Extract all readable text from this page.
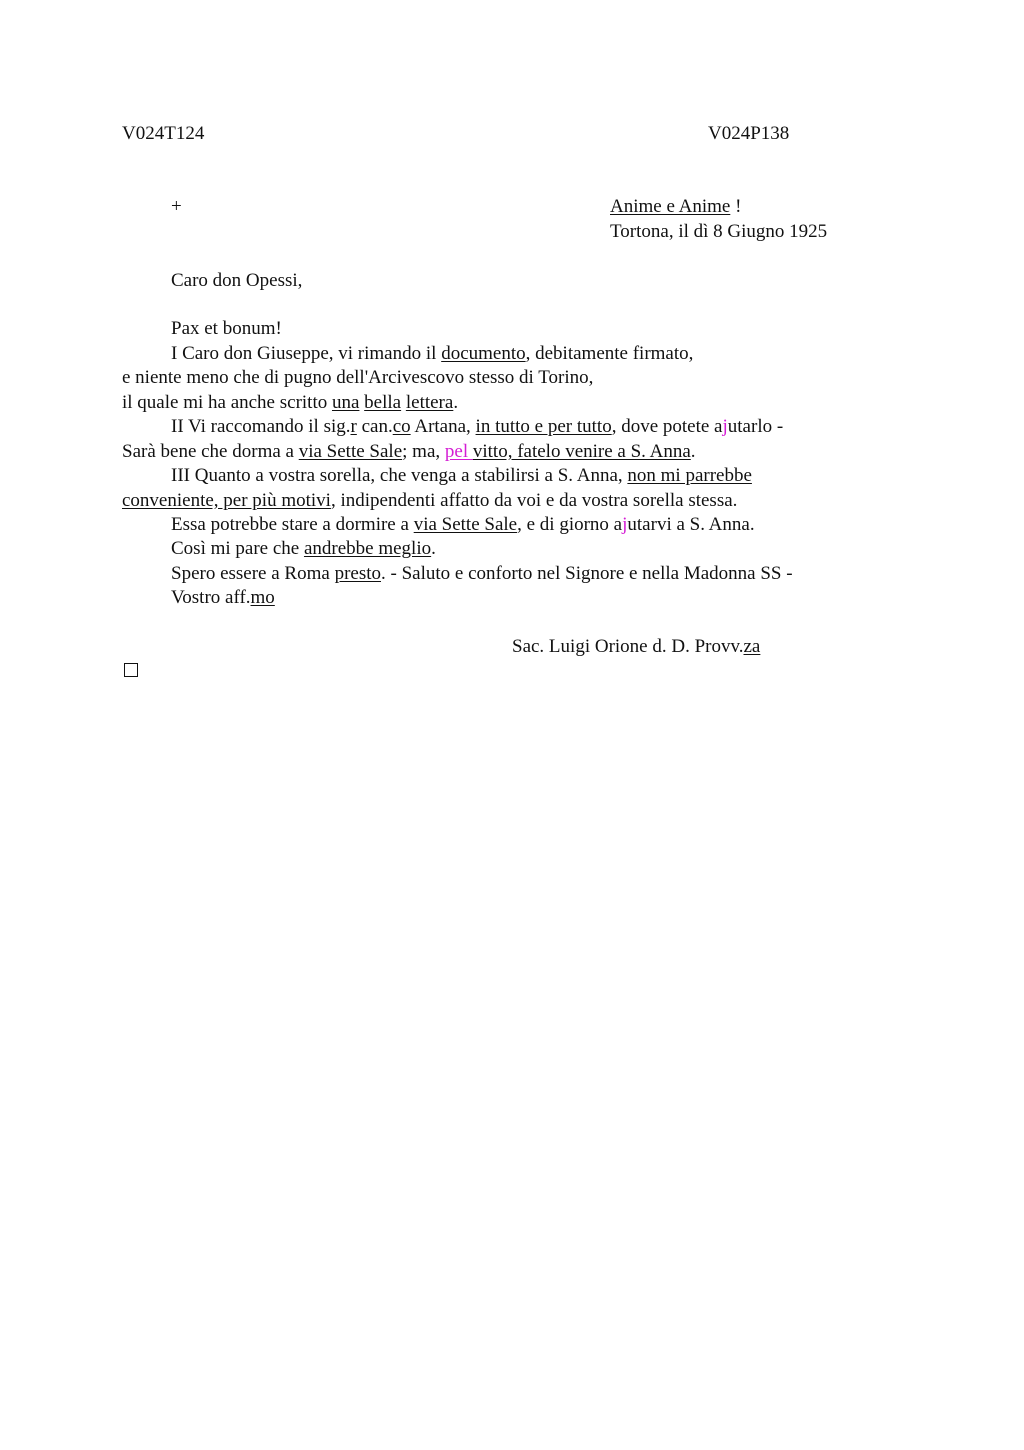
V024T124	V024P138
+	Anime e Anime !
Tortona, il dì 8 Giugno 1925
Caro don Opessi,
Pax et bonum!
I Caro don Giuseppe, vi rimando il documento, debitamente firmato,
e niente meno che di pugno dell'Arcivescovo stesso di Torino,
il quale mi ha anche scritto una bella lettera.
II Vi raccomando il sig.r can.co Artana, in tutto e per tutto, dove potete ajutarlo -
Sarà bene che dorma a via Sette Sale; ma, pel vitto, fatelo venire a S. Anna.
III Quanto a vostra sorella, che venga a stabilirsi a S. Anna, non mi parrebbe
conveniente, per più motivi, indipendenti affatto da voi e da vostra sorella stessa.
Essa potrebbe stare a dormire a via Sette Sale, e di giorno ajutarvi a S. Anna.
Così mi pare che andrebbe meglio.
Spero essere a Roma presto. - Saluto e conforto nel Signore e nella Madonna SS -
Vostro aff.mo
Sac. Luigi Orione d. D. Provv.za
